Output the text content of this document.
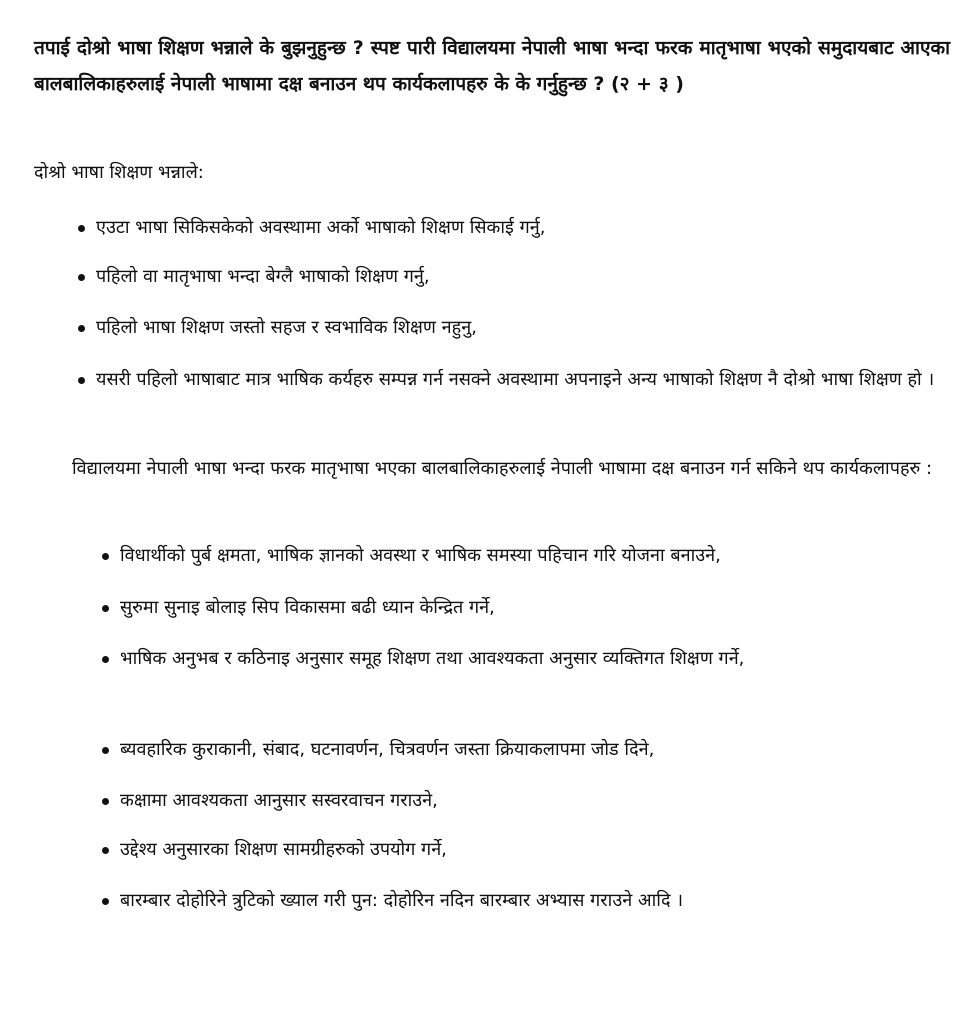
तपाई दोश्रो भाषा शिक्षण भन्नाले के बुझनुहुन्छ ? स्पष्ट पारी विद्यालयमा नेपाली भाषा भन्दा फरक मातृभाषा भएको समुदायबाट आएका बालबालिकाहरुलाई नेपाली भाषामा दक्ष बनाउन थप कार्यकलापहरु के के गर्नुहुन्छ ? (२ + ३ )

दोश्रो भाषा शिक्षण भन्नाले:

एउटा भाषा सिकिसकेको अवस्थामा अर्को भाषाको शिक्षण सिकाई गर्नु,
पहिलो वा मातृभाषा भन्दा बेग्लै भाषाको शिक्षण गर्नु,
पहिलो भाषा शिक्षण जस्तो सहज र स्वभाविक शिक्षण नहुनु,
यसरी पहिलो भाषाबाट मात्र भाषिक कर्यहरु सम्पन्न गर्न नसक्ने अवस्थामा अपनाइने अन्य भाषाको शिक्षण नै दोश्रो भाषा शिक्षण हो ।

विद्यालयमा नेपाली भाषा भन्दा फरक मातृभाषा भएका बालबालिकाहरुलाई नेपाली भाषामा दक्ष बनाउन गर्न सकिने थप कार्यकलापहरु :

विधार्थीको पुर्ब क्षमता, भाषिक ज्ञानको अवस्था र भाषिक समस्या पहिचान गरि योजना बनाउने,
सुरुमा सुनाइ बोलाइ सिप विकासमा बढी ध्यान केन्द्रित गर्ने,
भाषिक अनुभब र कठिनाइ अनुसार समूह शिक्षण तथा आवश्यकता अनुसार व्यक्तिगत शिक्षण गर्ने,
ब्यवहारिक कुराकानी, संबाद, घटनावर्णन, चित्रवर्णन जस्ता क्रियाकलापमा जोड दिने,
कक्षामा आवश्यकता आनुसार सस्वरवाचन गराउने,
उद्देश्य अनुसारका शिक्षण सामग्रीहरुको उपयोग गर्ने,
बारम्बार दोहोरिने त्रुटिको ख्याल गरी पुन: दोहोरिन नदिन बारम्बार अभ्यास गराउने आदि ।
